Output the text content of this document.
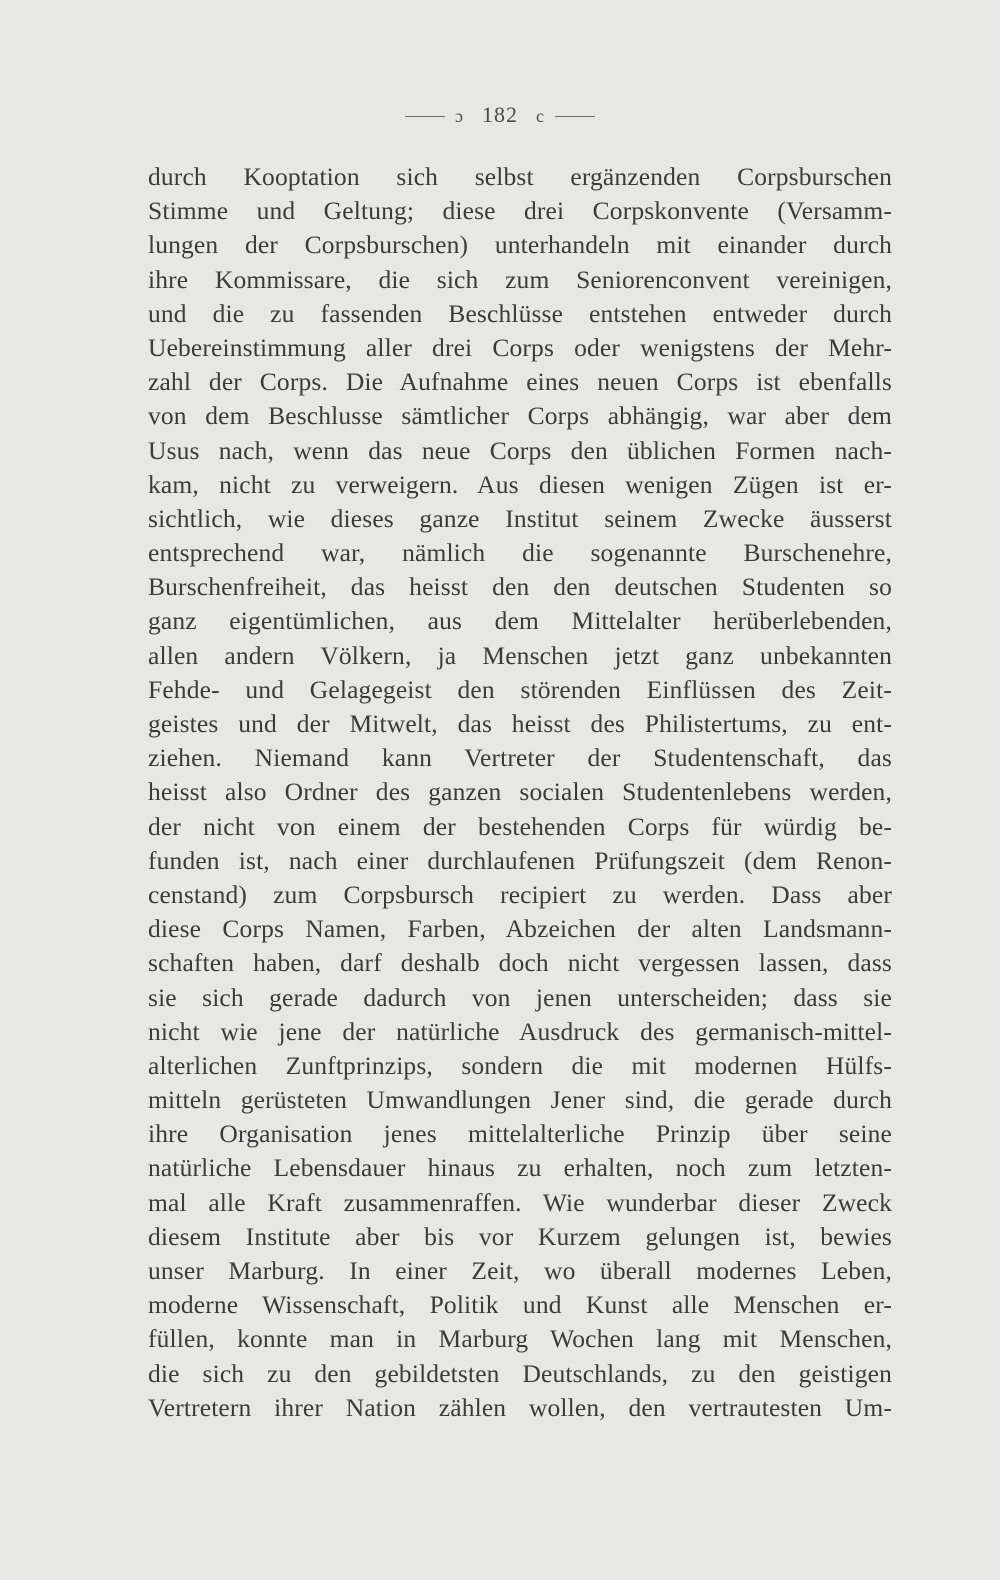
ɔ 182 c
durch Kooptation sich selbst ergänzenden Corpsburschen
Stimme und Geltung; diese drei Corpskonvente (Versamm-
lungen der Corpsburschen) unterhandeln mit einander durch
ihre Kommissare, die sich zum Seniorenconvent vereinigen,
und die zu fassenden Beschlüsse entstehen entweder durch
Uebereinstimmung aller drei Corps oder wenigstens der Mehr-
zahl der Corps. Die Aufnahme eines neuen Corps ist ebenfalls
von dem Beschlusse sämtlicher Corps abhängig, war aber dem
Usus nach, wenn das neue Corps den üblichen Formen nach-
kam, nicht zu verweigern. Aus diesen wenigen Zügen ist er-
sichtlich, wie dieses ganze Institut seinem Zwecke äusserst
entsprechend war, nämlich die sogenannte Burschenehre,
Burschenfreiheit, das heisst den den deutschen Studenten so
ganz eigentümlichen, aus dem Mittelalter herüberlebenden,
allen andern Völkern, ja Menschen jetzt ganz unbekannten
Fehde- und Gelagegeist den störenden Einflüssen des Zeit-
geistes und der Mitwelt, das heisst des Philistertums, zu ent-
ziehen. Niemand kann Vertreter der Studentenschaft, das
heisst also Ordner des ganzen socialen Studentenlebens werden,
der nicht von einem der bestehenden Corps für würdig be-
funden ist, nach einer durchlaufenen Prüfungszeit (dem Renon-
censtand) zum Corpsbursch recipiert zu werden. Dass aber
diese Corps Namen, Farben, Abzeichen der alten Landsmann-
schaften haben, darf deshalb doch nicht vergessen lassen, dass
sie sich gerade dadurch von jenen unterscheiden; dass sie
nicht wie jene der natürliche Ausdruck des germanisch-mittel-
alterlichen Zunftprinzips, sondern die mit modernen Hülfs-
mitteln gerüsteten Umwandlungen Jener sind, die gerade durch
ihre Organisation jenes mittelalterliche Prinzip über seine
natürliche Lebensdauer hinaus zu erhalten, noch zum letzten-
mal alle Kraft zusammenraffen. Wie wunderbar dieser Zweck
diesem Institute aber bis vor Kurzem gelungen ist, bewies
unser Marburg. In einer Zeit, wo überall modernes Leben,
moderne Wissenschaft, Politik und Kunst alle Menschen er-
füllen, konnte man in Marburg Wochen lang mit Menschen,
die sich zu den gebildetsten Deutschlands, zu den geistigen
Vertretern ihrer Nation zählen wollen, den vertrautesten Um-
